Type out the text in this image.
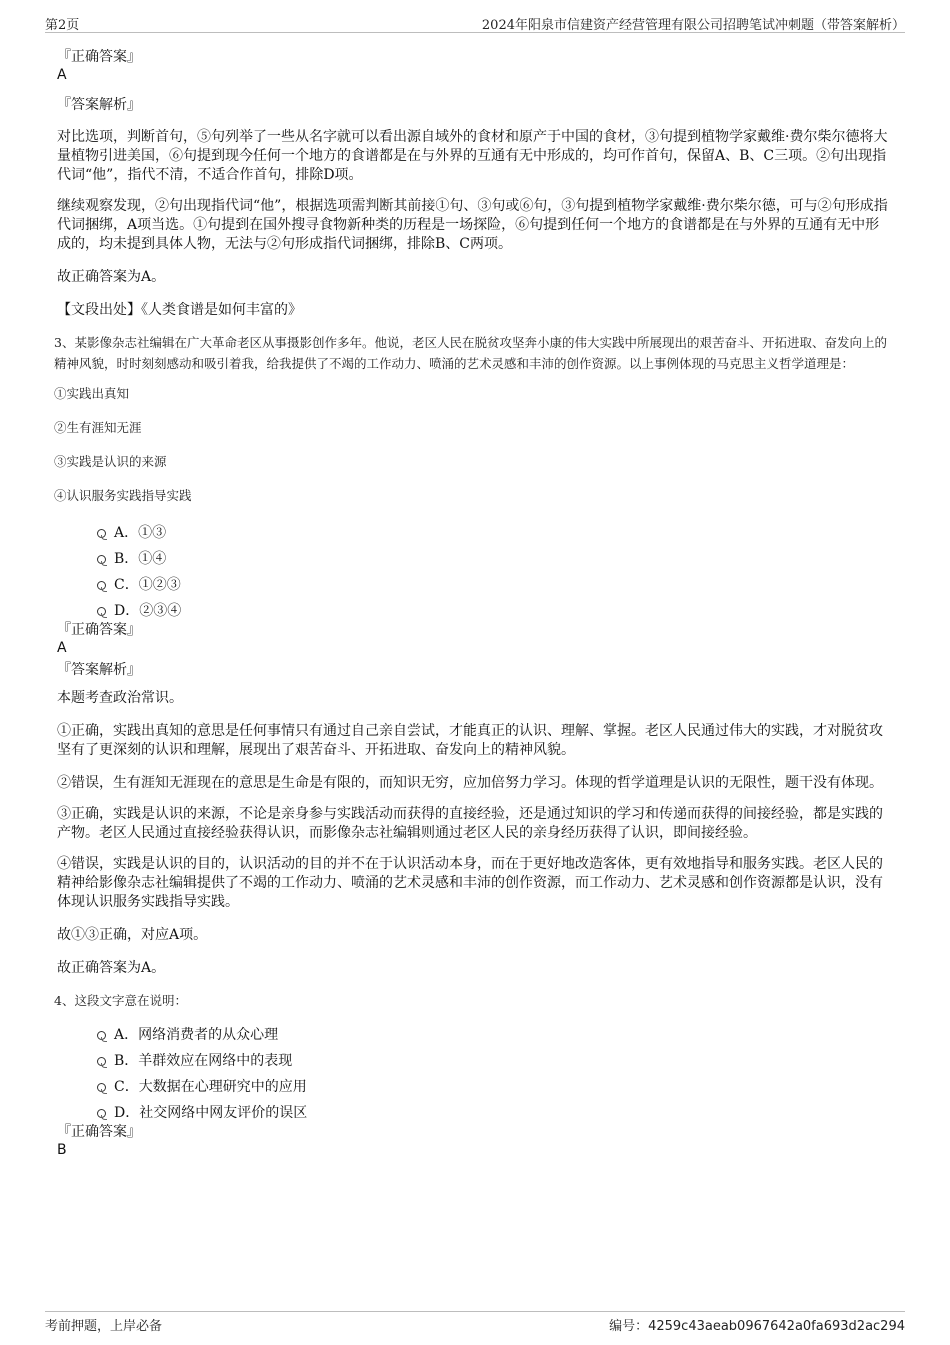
第2页	2024年阳泉市信建资产经营管理有限公司招聘笔试冲刺题（带答案解析）

『正确答案』

A

『答案解析』

对比选项，判断首句，⑤句列举了一些从名字就可以看出源自域外的食材和原产于中国的食材，③句提到植物学家戴维·费尔柴尔德将大量植物引进美国，⑥句提到现今任何一个地方的食谱都是在与外界的互通有无中形成的，均可作首句，保留A、B、C三项。②句出现指代词“他”，指代不清，不适合作首句，排除D项。

继续观察发现，②句出现指代词“他”，根据选项需判断其前接①句、③句或⑥句，③句提到植物学家戴维·费尔柴尔德，可与②句形成指代词捆绑，A项当选。①句提到在国外搜寻食物新种类的历程是一场探险，⑥句提到任何一个地方的食谱都是在与外界的互通有无中形成的，均未提到具体人物，无法与②句形成指代词捆绑，排除B、C两项。

故正确答案为A。

【文段出处】《人类食谱是如何丰富的》

3、某影像杂志社编辑在广大革命老区从事摄影创作多年。他说，老区人民在脱贫攻坚奔小康的伟大实践中所展现出的艰苦奋斗、开拓进取、奋发向上的精神风貌，时时刻刻感动和吸引着我，给我提供了不竭的工作动力、喷涌的艺术灵感和丰沛的创作资源。以上事例体现的马克思主义哲学道理是：

①实践出真知

②生有涯知无涯

③实践是认识的来源

④认识服务实践指导实践

A．①③
B．①④
C．①②③
D．②③④

『正确答案』

A

『答案解析』

本题考查政治常识。

①正确，实践出真知的意思是任何事情只有通过自己亲自尝试，才能真正的认识、理解、掌握。老区人民通过伟大的实践，才对脱贫攻坚有了更深刻的认识和理解，展现出了艰苦奋斗、开拓进取、奋发向上的精神风貌。

②错误，生有涯知无涯现在的意思是生命是有限的，而知识无穷，应加倍努力学习。体现的哲学道理是认识的无限性，题干没有体现。

③正确，实践是认识的来源，不论是亲身参与实践活动而获得的直接经验，还是通过知识的学习和传递而获得的间接经验，都是实践的产物。老区人民通过直接经验获得认识，而影像杂志社编辑则通过老区人民的亲身经历获得了认识，即间接经验。

④错误，实践是认识的目的，认识活动的目的并不在于认识活动本身，而在于更好地改造客体，更有效地指导和服务实践。老区人民的精神给影像杂志社编辑提供了不竭的工作动力、喷涌的艺术灵感和丰沛的创作资源，而工作动力、艺术灵感和创作资源都是认识，没有体现认识服务实践指导实践。

故①③正确，对应A项。

故正确答案为A。

4、这段文字意在说明：

A．网络消费者的从众心理
B．羊群效应在网络中的表现
C．大数据在心理研究中的应用
D．社交网络中网友评价的误区

『正确答案』

B

考前押题，上岸必备	编号：4259c43aeab0967642a0fa693d2ac294
